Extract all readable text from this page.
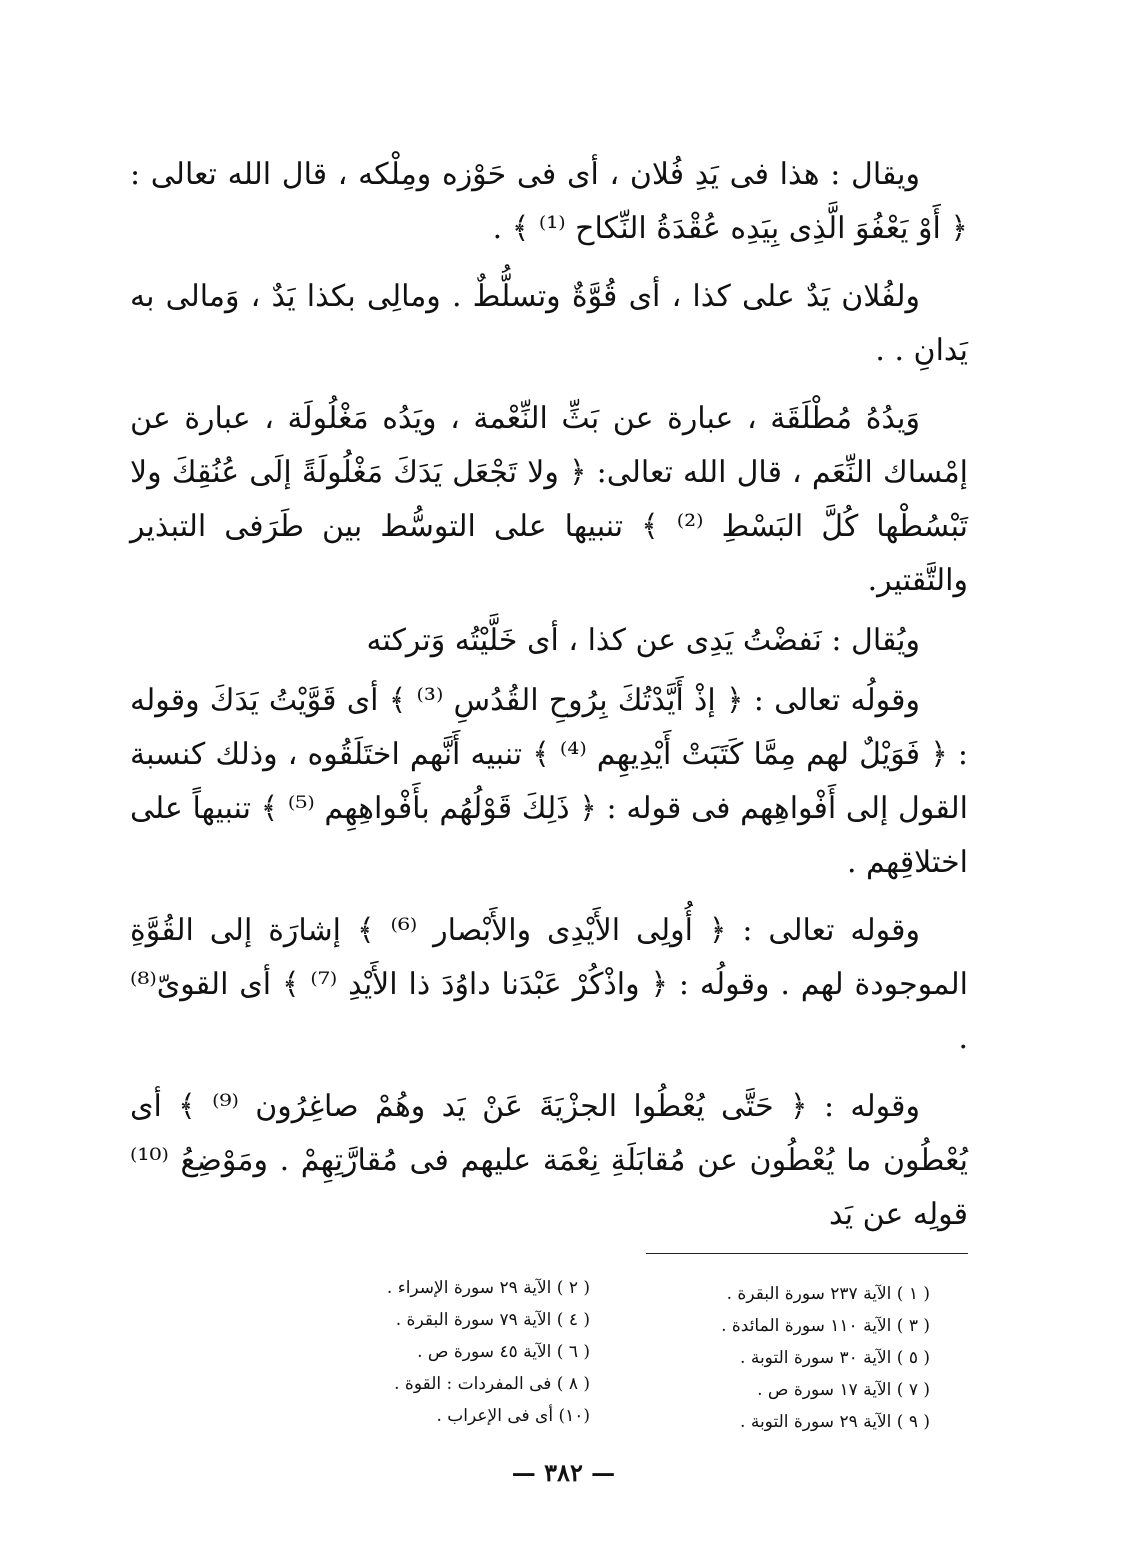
ويقال : هذا فى يَدِ فُلان ، أى فى حَوْزه ومِلْكه ، قال الله تعالى : ﴿ أَوْ يَعْفُوَ الَّذِى بِيَدِه عُقْدَةُ النِّكاح ⁽¹⁾ ﴾ .

ولفُلان يَدٌ على كذا ، أى قُوَّةٌ وتسلُّطٌ . ومالِى بكذا يَدٌ ، وَمالى به يَدانِ . .

وَيدُهُ مُطْلَقَة ، عبارة عن بَثِّ النِّعْمة ، ويَدُه مَغْلُولَة ، عبارة عن إمْساك النِّعَم ، قال الله تعالى: ﴿ ولا تَجْعَل يَدَكَ مَغْلُولَةً إلَى عُنُقِكَ ولا تَبْسُطْها كُلَّ البَسْطِ ⁽²⁾ ﴾ تنبيها على التوسُّط بين طَرَفى التبذير والتَّقتير.

ويُقال : نَفضْتُ يَدِى عن كذا ، أى خَلَّيْتُه وَتركته

وقولُه تعالى : ﴿ إذْ أَيَّدْتُكَ بِرُوحِ القُدُسِ ⁽³⁾ ﴾ أى قَوَّيْتُ يَدَكَ وقوله : ﴿ فَوَيْلٌ لهم مِمَّا كَتَبَتْ أَيْدِيهِم ⁽⁴⁾ ﴾ تنبيه أَنَّهم اختَلَقُوه ، وذلك كنسبة القول إلى أَفْواهِهم فى قوله : ﴿ ذَلِكَ قَوْلُهُم بأَفْواهِهِم ⁽⁵⁾ ﴾ تنبيهاً على اختلاقِهم .

وقوله تعالى : ﴿ أُولِى الأَيْدِى والأَبْصار ⁽⁶⁾ ﴾ إشارَة إلى القُوَّةِ الموجودة لهم . وقولُه : ﴿ واذْكُرْ عَبْدَنا داوُدَ ذا الأَيْدِ ⁽⁷⁾ ﴾ أى القوىّ⁽⁸⁾ .

وقوله : ﴿ حَتَّى يُعْطُوا الجزْيَةَ عَنْ يَد وهُمْ صاغِرُون ⁽⁹⁾ ﴾ أى يُعْطُون ما يُعْطُون عن مُقابَلَةِ نِعْمَة عليهم فى مُقارَّتِهِمْ . ومَوْضِعُ ⁽¹⁰⁾ قولِه عن يَد

( ١ ) الآية ٢٣٧ سورة البقرة .
( ٣ ) الآية ١١٠ سورة المائدة .
( ٥ ) الآية ٣٠ سورة التوبة .
( ٧ ) الآية ١٧ سورة ص .
( ٩ ) الآية ٢٩ سورة التوبة .
( ٢ ) الآية ٢٩ سورة الإسراء .
( ٤ ) الآية ٧٩ سورة البقرة .
( ٦ ) الآية ٤٥ سورة ص .
( ٨ ) فى المفردات : القوة .
(١٠) أى فى الإعراب .
— ٣٨٢ —
